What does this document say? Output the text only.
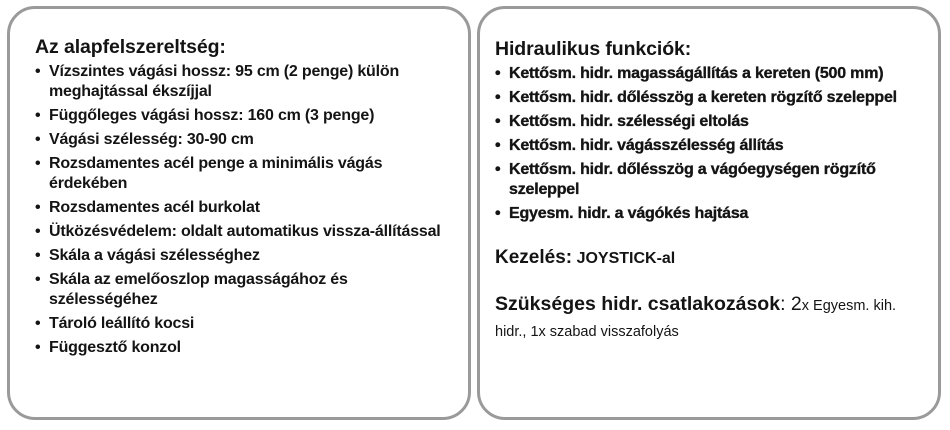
Az alapfelszereltség:
• Vízszintes vágási hossz: 95 cm (2 penge) külön meghajtással ékszíjjal
• Függőleges vágási hossz: 160 cm (3 penge)
• Vágási szélesség: 30-90 cm
• Rozsdamentes acél penge a minimális vágás érdekében
• Rozsdamentes acél burkolat
• Ütközésvédelem: oldalt automatikus vissza-állítással
• Skála a vágási szélességhez
• Skála az emelőoszlop magasságához és szélességéhez
• Tároló leállító kocsi
• Függesztő konzol
Hidraulikus funkciók:
• Kettősm. hidr. magasságállítás a kereten (500 mm)
• Kettősm. hidr. dőlésszög a kereten rögzítő szeleppel
• Kettősm. hidr. szélességi eltolás
• Kettősm. hidr. vágásszélesség állítás
• Kettősm. hidr. dőlésszög a vágóegységen rögzítő szeleppel
• Egyesm. hidr. a vágókés hajtása
Kezelés: JOYSTICK-al
Szükséges hidr. csatlakozások: 2x Egyesm. kih. hidr., 1x szabad visszafolyás
